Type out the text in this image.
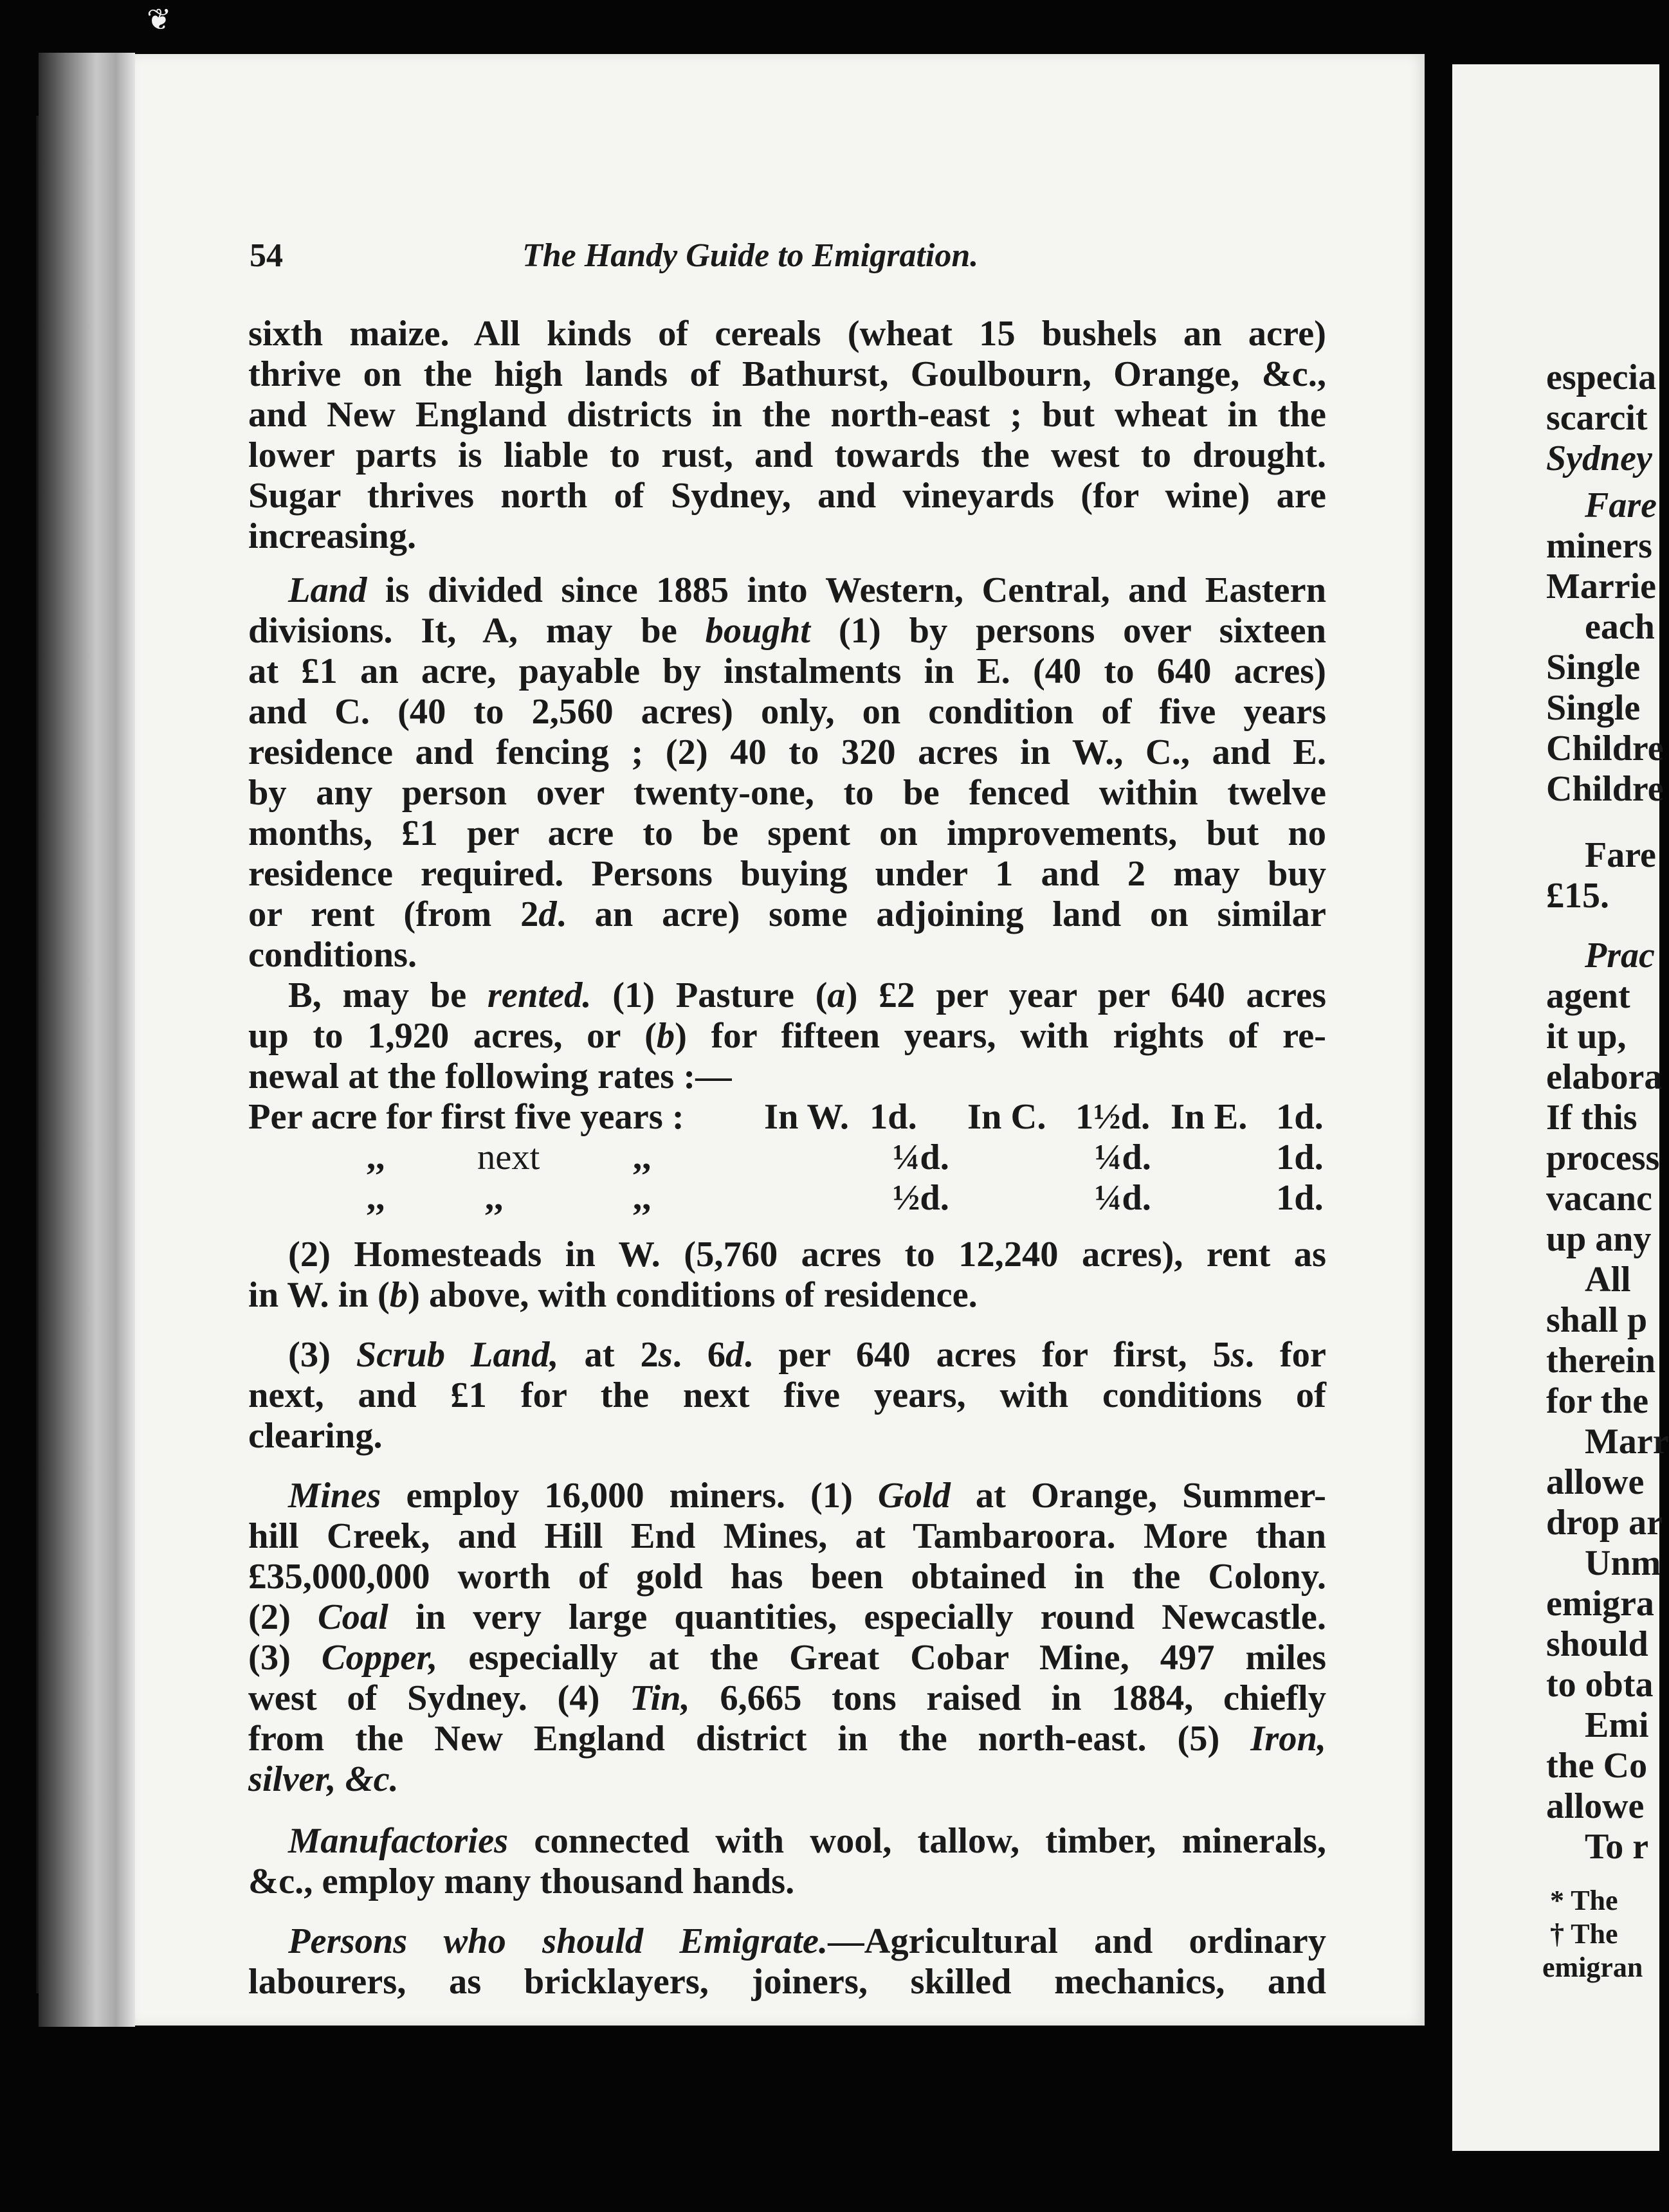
❦
54	The Handy Guide to Emigration.
sixth maize. All kinds of cereals (wheat 15 bushels an acre)
thrive on the high lands of Bathurst, Goulbourn, Orange, &c.,
and New England districts in the north-east ; but wheat in the
lower parts is liable to rust, and towards the west to drought.
Sugar thrives north of Sydney, and vineyards (for wine) are
increasing.
Land is divided since 1885 into Western, Central, and Eastern
divisions. It, A, may be bought (1) by persons over sixteen
at £1 an acre, payable by instalments in E. (40 to 640 acres)
and C. (40 to 2,560 acres) only, on condition of five years
residence and fencing ; (2) 40 to 320 acres in W., C., and E.
by any person over twenty-one, to be fenced within twelve
months, £1 per acre to be spent on improvements, but no
residence required. Persons buying under 1 and 2 may buy
or rent (from 2d. an acre) some adjoining land on similar
conditions.
B, may be rented. (1) Pasture (a) £2 per year per 640 acres
up to 1,920 acres, or (b) for fifteen years, with rights of re-
newal at the following rates :—
Per acre for first five years : In W. 1d. In C. 1½d. In E. 1d.
,,	next	,,	¼d.	¼d.	1d.
,,	,,	,,	½d.	¼d.	1d.
(2) Homesteads in W. (5,760 acres to 12,240 acres), rent as
in W. in (b) above, with conditions of residence.
(3) Scrub Land, at 2s. 6d. per 640 acres for first, 5s. for
next, and £1 for the next five years, with conditions of
clearing.
Mines employ 16,000 miners. (1) Gold at Orange, Summer-
hill Creek, and Hill End Mines, at Tambaroora. More than
£35,000,000 worth of gold has been obtained in the Colony.
(2) Coal in very large quantities, especially round Newcastle.
(3) Copper, especially at the Great Cobar Mine, 497 miles
west of Sydney. (4) Tin, 6,665 tons raised in 1884, chiefly
from the New England district in the north-east. (5) Iron,
silver, &c.
Manufactories connected with wool, tallow, timber, minerals,
&c., employ many thousand hands.
Persons who should Emigrate.—Agricultural and ordinary
labourers, as bricklayers, joiners, skilled mechanics, and
especia
scarcit
Sydney
Fare
miners
Marrie
each
Single
Single
Childre
Childre
Fare
£15.
Prac
agent
it up,
elabora
If this
process
vacanc
up any
All
shall p
therein
for the
Marr
allowe
drop ar
Unm
emigra
should
to obta
Emi
the Co
allowe
To r
* The
† The
emigran
